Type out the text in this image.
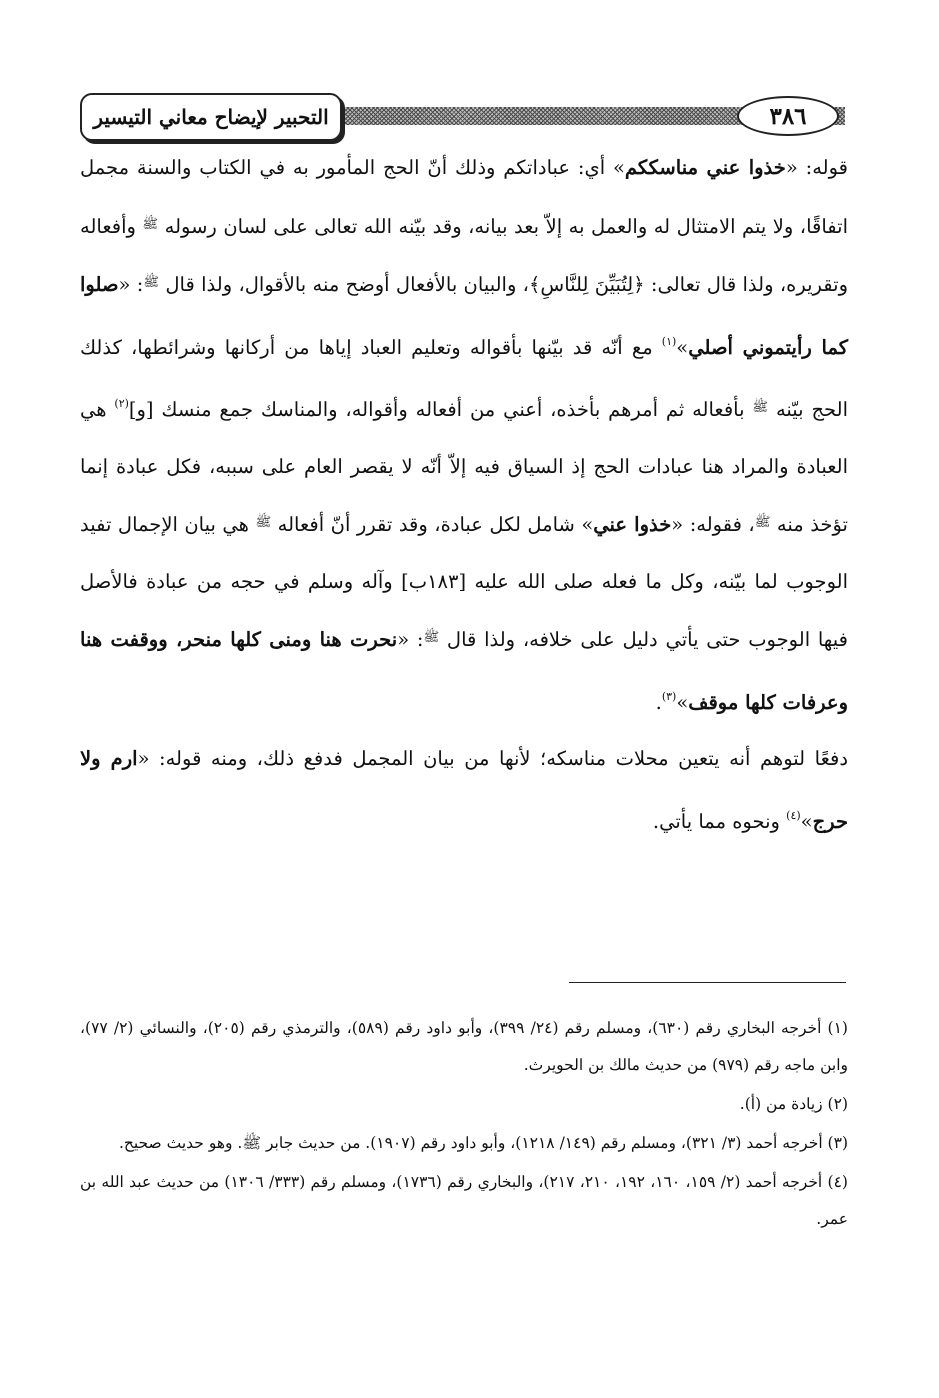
٣٨٦
التحبير لإيضاح معاني التيسير

قوله: «خذوا عني مناسككم» أي: عباداتكم وذلك أنّ الحج المأمور به في الكتاب والسنة مجمل اتفاقًا، ولا يتم الامتثال له والعمل به إلاّ بعد بيانه، وقد بيّنه الله تعالى على لسان رسوله $^ﷺ$ وأفعاله وتقريره، ولذا قال تعالى: ﴿لِتُبَيِّنَ لِلنَّاسِ﴾، والبيان بالأفعال أوضح منه بالأقوال، ولذا قال $^ﷺ$: «صلوا كما رأيتموني أصلي»$^{(١)}$ مع أنّه قد بيّنها بأقواله وتعليم العباد إياها من أركانها وشرائطها، كذلك الحج بيّنه $^ﷺ$ بأفعاله ثم أمرهم بأخذه، أعني من أفعاله وأقواله، والمناسك جمع منسك [و]$^{(٢)}$ هي العبادة والمراد هنا عبادات الحج إذ السياق فيه إلاّ أنّه لا يقصر العام على سببه، فكل عبادة إنما تؤخذ منه $^ﷺ$، فقوله: «خذوا عني» شامل لكل عبادة، وقد تقرر أنّ أفعاله $^ﷺ$ هي بيان الإجمال تفيد الوجوب لما بيّنه، وكل ما فعله صلى الله عليه [١٨٣ب] وآله وسلم في حجه من عبادة فالأصل فيها الوجوب حتى يأتي دليل على خلافه، ولذا قال $^ﷺ$: «نحرت هنا ومنى كلها منحر، ووقفت هنا وعرفات كلها موقف»$^{(٣)}$.

دفعًا لتوهم أنه يتعين محلات مناسكه؛ لأنها من بيان المجمل فدفع ذلك، ومنه قوله: «ارم ولا حرج»$^{(٤)}$ ونحوه مما يأتي.

(١) أخرجه البخاري رقم (٦٣٠)، ومسلم رقم (٢٤/ ٣٩٩)، وأبو داود رقم (٥٨٩)، والترمذي رقم (٢٠٥)، والنسائي (٢/ ٧٧)، وابن ماجه رقم (٩٧٩) من حديث مالك بن الحويرث.

(٢) زيادة من (أ).

(٣) أخرجه أحمد (٣/ ٣٢١)، ومسلم رقم (١٤٩/ ١٢١٨)، وأبو داود رقم (١٩٠٧). من حديث جابر ﷺ. وهو حديث صحيح.

(٤) أخرجه أحمد (٢/ ١٥٩، ١٦٠، ١٩٢، ٢١٠، ٢١٧)، والبخاري رقم (١٧٣٦)، ومسلم رقم (٣٣٣/ ١٣٠٦) من حديث عبد الله بن عمر.
